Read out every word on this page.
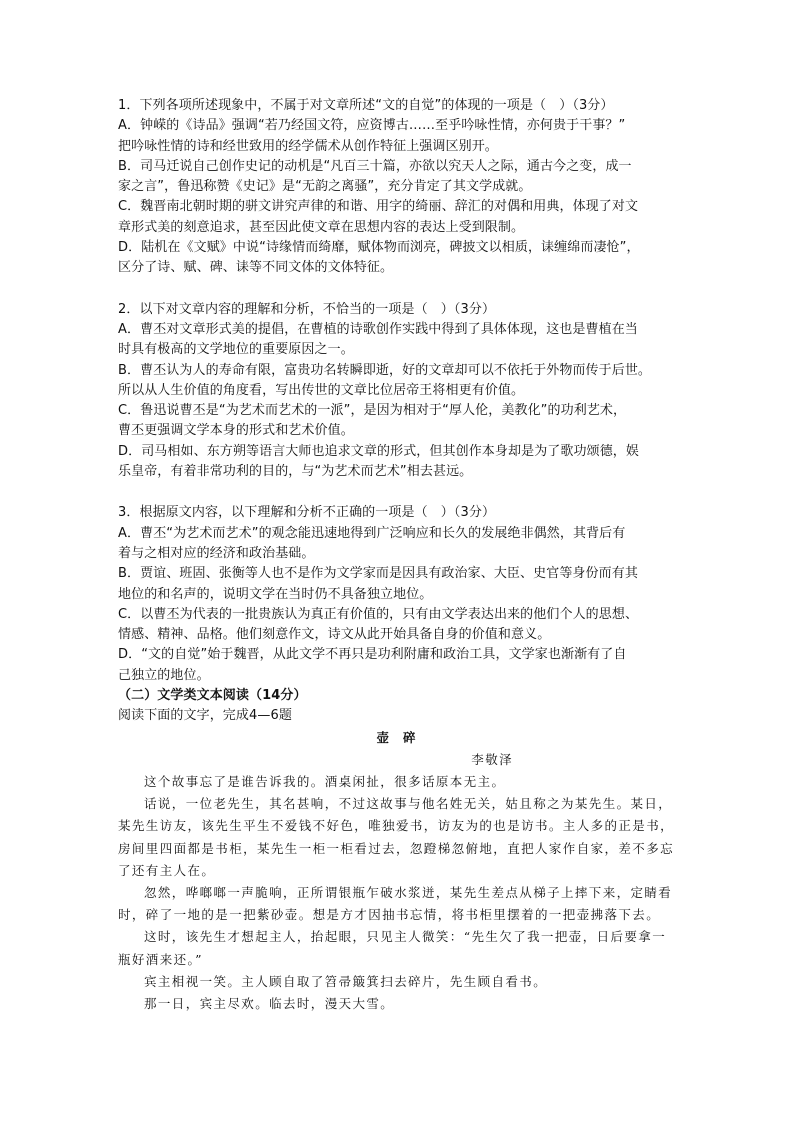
1．下列各项所述现象中，不属于对文章所述“文的自觉”的体现的一项是（　）（3分）
A．钟嵘的《诗品》强调“若乃经国文符，应资博古……至乎吟咏性情，亦何贵于干事？”
把吟咏性情的诗和经世致用的经学儒术从创作特征上强调区别开。
B．司马迁说自己创作史记的动机是“凡百三十篇，亦欲以究天人之际，通古今之变，成一
家之言”，鲁迅称赞《史记》是“无韵之离骚”，充分肯定了其文学成就。
C．魏晋南北朝时期的骈文讲究声律的和谐、用字的绮丽、辞汇的对偶和用典，体现了对文
章形式美的刻意追求，甚至因此使文章在思想内容的表达上受到限制。
D．陆机在《文赋》中说“诗缘情而绮靡，赋体物而浏亮，碑披文以相质，诔缠绵而凄怆”，
区分了诗、赋、碑、诔等不同文体的文体特征。
2．以下对文章内容的理解和分析，不恰当的一项是（　）（3分）
A．曹丕对文章形式美的提倡，在曹植的诗歌创作实践中得到了具体体现，这也是曹植在当
时具有极高的文学地位的重要原因之一。
B．曹丕认为人的寿命有限，富贵功名转瞬即逝，好的文章却可以不依托于外物而传于后世。
所以从人生价值的角度看，写出传世的文章比位居帝王将相更有价值。
C．鲁迅说曹丕是“为艺术而艺术的一派”，是因为相对于“厚人伦，美教化”的功利艺术，
曹丕更强调文学本身的形式和艺术价值。
D．司马相如、东方朔等语言大师也追求文章的形式，但其创作本身却是为了歌功颂德，娱
乐皇帝，有着非常功利的目的，与“为艺术而艺术”相去甚远。
3．根据原文内容，以下理解和分析不正确的一项是（　）（3分）
A．曹丕“为艺术而艺术”的观念能迅速地得到广泛响应和长久的发展绝非偶然，其背后有
着与之相对应的经济和政治基础。
B．贾谊、班固、张衡等人也不是作为文学家而是因具有政治家、大臣、史官等身份而有其
地位的和名声的，说明文学在当时仍不具备独立地位。
C．以曹丕为代表的一批贵族认为真正有价值的，只有由文学表达出来的他们个人的思想、
情感、精神、品格。他们刻意作文，诗文从此开始具备自身的价值和意义。
D．“文的自觉”始于魏晋，从此文学不再只是功利附庸和政治工具，文学家也渐渐有了自
己独立的地位。
（二）文学类文本阅读（14分）
阅读下面的文字，完成4—6题
壶碎
李敬泽
这个故事忘了是谁告诉我的。酒桌闲扯，很多话原本无主。
话说，一位老先生，其名甚响，不过这故事与他名姓无关，姑且称之为某先生。某日，
某先生访友，该先生平生不爱钱不好色，唯独爱书，访友为的也是访书。主人多的正是书，
房间里四面都是书柜，某先生一柜一柜看过去，忽蹬梯忽俯地，直把人家作自家，差不多忘
了还有主人在。
忽然，哗啷啷一声脆响，正所谓银瓶乍破水浆迸，某先生差点从梯子上摔下来，定睛看
时，碎了一地的是一把紫砂壶。想是方才因抽书忘情，将书柜里摆着的一把壶拂落下去。
这时，该先生才想起主人，抬起眼，只见主人微笑：“先生欠了我一把壶，日后要拿一
瓶好酒来还。”
宾主相视一笑。主人顾自取了笤帚簸箕扫去碎片，先生顾自看书。
那一日，宾主尽欢。临去时，漫天大雪。
